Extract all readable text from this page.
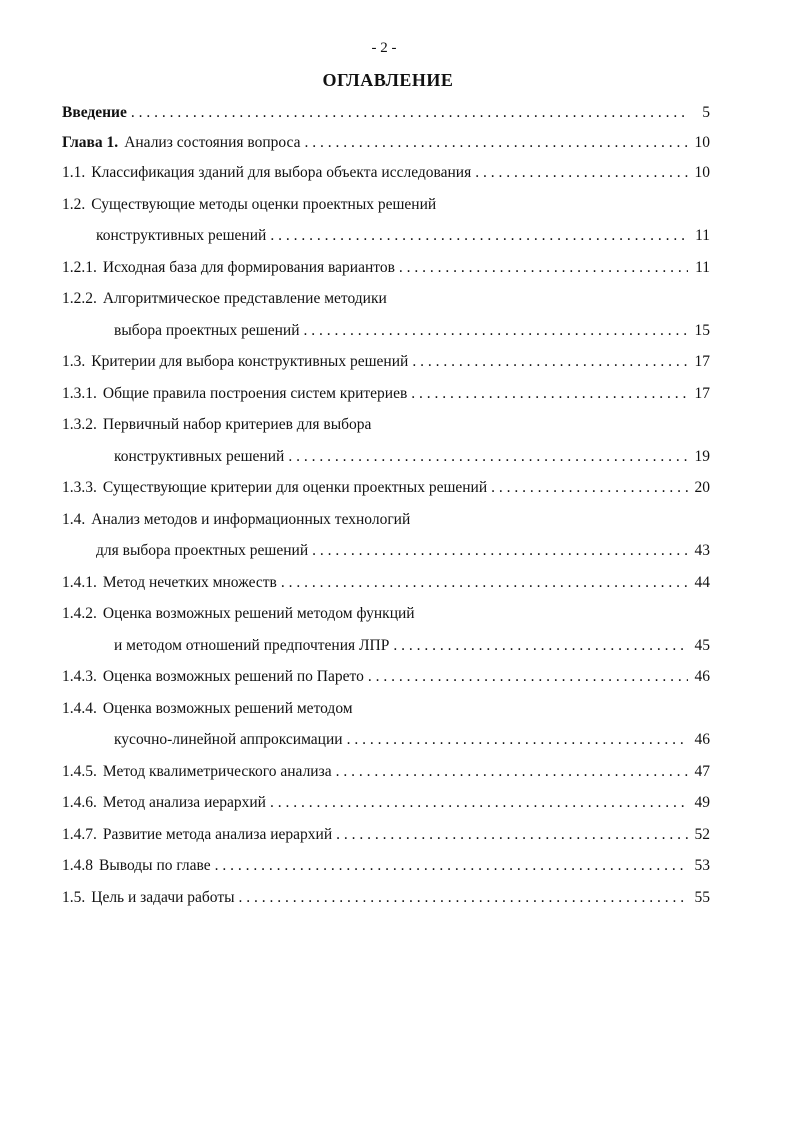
- 2 -
ОГЛАВЛЕНИЕ
Введение . . .	5
Глава 1. Анализ состояния вопроса . . .	10
1.1. Классификация зданий для выбора объекта исследования . . .	10
1.2. Существующие методы оценки проектных решений
конструктивных решений . . .	11
1.2.1. Исходная база для формирования вариантов . . .	11
1.2.2. Алгоритмическое представление методики
выбора проектных решений . . .	15
1.3. Критерии для выбора конструктивных решений . . .	17
1.3.1. Общие правила построения систем критериев . . .	17
1.3.2. Первичный набор критериев для выбора
конструктивных решений . . .	19
1.3.3. Существующие критерии для оценки проектных решений . . .	20
1.4. Анализ методов и информационных технологий
для выбора проектных решений . . .	43
1.4.1. Метод нечетких множеств . . .	44
1.4.2. Оценка возможных решений методом функций
и методом отношений предпочтения ЛПР . . .	45
1.4.3. Оценка возможных решений по Парето . . .	46
1.4.4. Оценка возможных решений методом
кусочно-линейной аппроксимации . . .	46
1.4.5. Метод квалиметрического анализа . . .	47
1.4.6. Метод анализа иерархий . . .	49
1.4.7. Развитие метода анализа иерархий . . .	52
1.4.8 Выводы по главе . . .	53
1.5. Цель и задачи работы . . .	55
